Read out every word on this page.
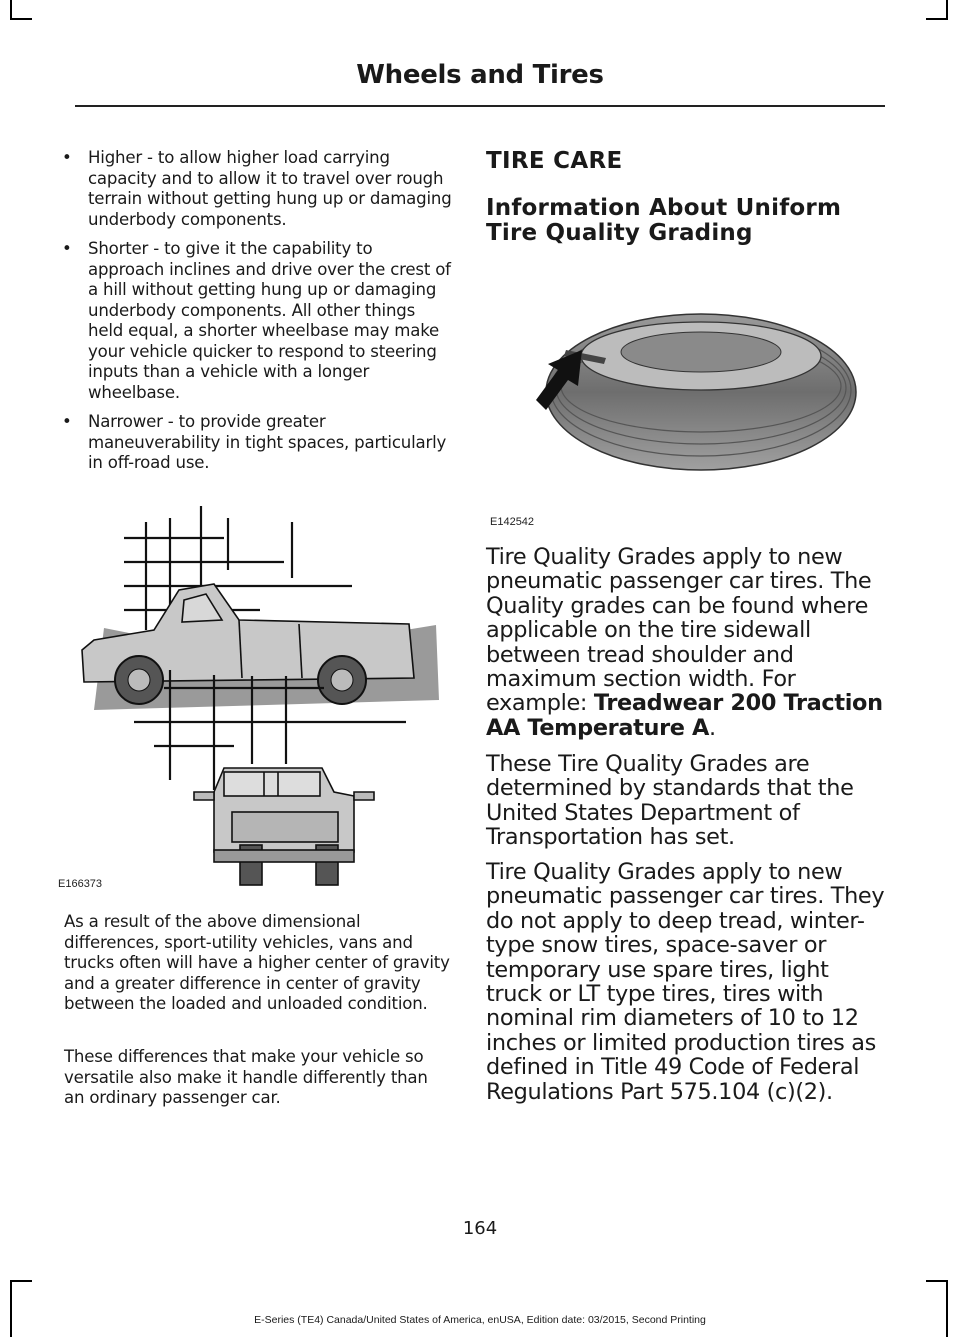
Wheels and Tires
• Higher - to allow higher load carrying capacity and to allow it to travel over rough terrain without getting hung up or damaging underbody components.
• Shorter - to give it the capability to approach inclines and drive over the crest of a hill without getting hung up or damaging underbody components. All other things held equal, a shorter wheelbase may make your vehicle quicker to respond to steering inputs than a vehicle with a longer wheelbase.
• Narrower - to provide greater maneuverability in tight spaces, particularly in off-road use.
E166373

As a result of the above dimensional differences, sport-utility vehicles, vans and trucks often will have a higher center of gravity and a greater difference in center of gravity between the loaded and unloaded condition.

These differences that make your vehicle so versatile also make it handle differently than an ordinary passenger car.

TIRE CARE
Information About Uniform Tire Quality Grading
E142542

Tire Quality Grades apply to new pneumatic passenger car tires. The Quality grades can be found where applicable on the tire sidewall between tread shoulder and maximum section width. For example: Treadwear 200 Traction AA Temperature A.

These Tire Quality Grades are determined by standards that the United States Department of Transportation has set.

Tire Quality Grades apply to new pneumatic passenger car tires. They do not apply to deep tread, winter-type snow tires, space-saver or temporary use spare tires, light truck or LT type tires, tires with nominal rim diameters of 10 to 12 inches or limited production tires as defined in Title 49 Code of Federal Regulations Part 575.104 (c)(2).

164
E-Series (TE4) Canada/United States of America, enUSA, Edition date: 03/2015, Second Printing
